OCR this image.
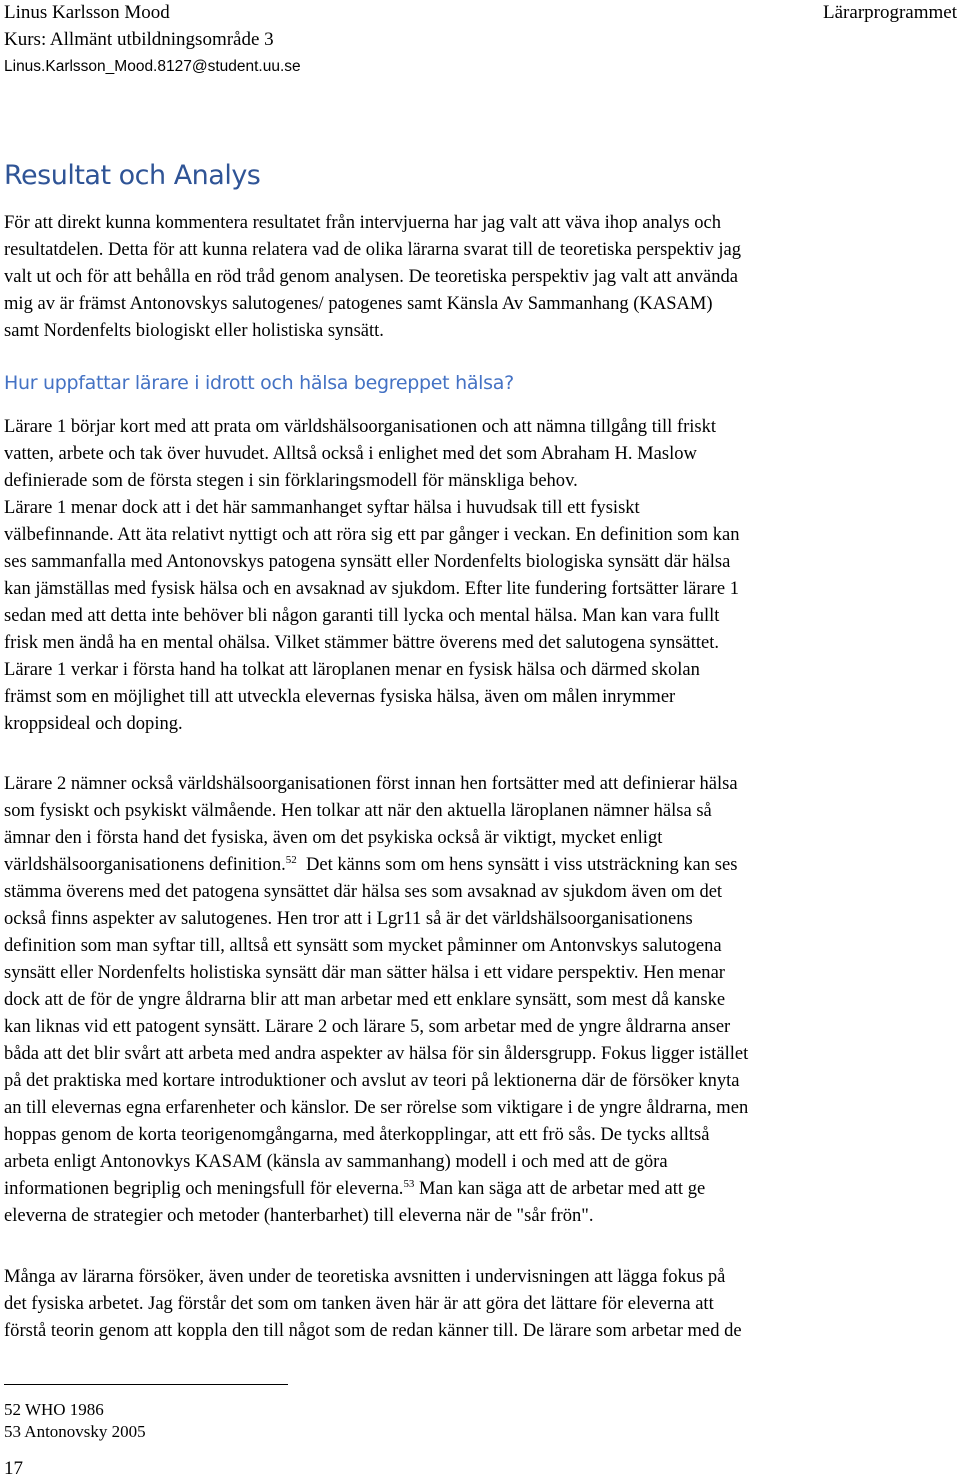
Linus Karlsson Mood
Kurs: Allmänt utbildningsområde 3
Linus.Karlsson_Mood.8127@student.uu.se
Lärarprogrammet
Resultat och Analys

För att direkt kunna kommentera resultatet från intervjuerna har jag valt att väva ihop analys och
resultatdelen. Detta för att kunna relatera vad de olika lärarna svarat till de teoretiska perspektiv jag
valt ut och för att behålla en röd tråd genom analysen. De teoretiska perspektiv jag valt att använda
mig av är främst Antonovskys salutogenes/ patogenes samt Känsla Av Sammanhang (KASAM)
samt Nordenfelts biologiskt eller holistiska synsätt.

Hur uppfattar lärare i idrott och hälsa begreppet hälsa?

Lärare 1 börjar kort med att prata om världshälsoorganisationen och att nämna tillgång till friskt
vatten, arbete och tak över huvudet. Alltså också i enlighet med det som Abraham H. Maslow
definierade som de första stegen i sin förklaringsmodell för mänskliga behov.
Lärare 1 menar dock att i det här sammanhanget syftar hälsa i huvudsak till ett fysiskt
välbefinnande. Att äta relativt nyttigt och att röra sig ett par gånger i veckan. En definition som kan
ses sammanfalla med Antonovskys patogena synsätt eller Nordenfelts biologiska synsätt där hälsa
kan jämställas med fysisk hälsa och en avsaknad av sjukdom. Efter lite fundering fortsätter lärare 1
sedan med att detta inte behöver bli någon garanti till lycka och mental hälsa. Man kan vara fullt
frisk men ändå ha en mental ohälsa. Vilket stämmer bättre överens med det salutogena synsättet.
Lärare 1 verkar i första hand ha tolkat att läroplanen menar en fysisk hälsa och därmed skolan
främst som en möjlighet till att utveckla elevernas fysiska hälsa, även om målen inrymmer
kroppsideal och doping.

Lärare 2 nämner också världshälsoorganisationen först innan hen fortsätter med att definierar hälsa
som fysiskt och psykiskt välmående. Hen tolkar att när den aktuella läroplanen nämner hälsa så
ämnar den i första hand det fysiska, även om det psykiska också är viktigt, mycket enligt
världshälsoorganisationens definition.$^{52}$  Det känns som om hens synsätt i viss utsträckning kan ses
stämma överens med det patogena synsättet där hälsa ses som avsaknad av sjukdom även om det
också finns aspekter av salutogenes. Hen tror att i Lgr11 så är det världshälsoorganisationens
definition som man syftar till, alltså ett synsätt som mycket påminner om Antonvskys salutogena
synsätt eller Nordenfelts holistiska synsätt där man sätter hälsa i ett vidare perspektiv. Hen menar
dock att de för de yngre åldrarna blir att man arbetar med ett enklare synsätt, som mest då kanske
kan liknas vid ett patogent synsätt. Lärare 2 och lärare 5, som arbetar med de yngre åldrarna anser
båda att det blir svårt att arbeta med andra aspekter av hälsa för sin åldersgrupp. Fokus ligger istället
på det praktiska med kortare introduktioner och avslut av teori på lektionerna där de försöker knyta
an till elevernas egna erfarenheter och känslor. De ser rörelse som viktigare i de yngre åldrarna, men
hoppas genom de korta teorigenomgångarna, med återkopplingar, att ett frö sås. De tycks alltså
arbeta enligt Antonovkys KASAM (känsla av sammanhang) modell i och med att de göra
informationen begriplig och meningsfull för eleverna.$^{53}$ Man kan säga att de arbetar med att ge
eleverna de strategier och metoder (hanterbarhet) till eleverna när de "sår frön".

Många av lärarna försöker, även under de teoretiska avsnitten i undervisningen att lägga fokus på
det fysiska arbetet. Jag förstår det som om tanken även här är att göra det lättare för eleverna att
förstå teorin genom att koppla den till något som de redan känner till. De lärare som arbetar med de

52 WHO 1986
53 Antonovsky 2005
17
